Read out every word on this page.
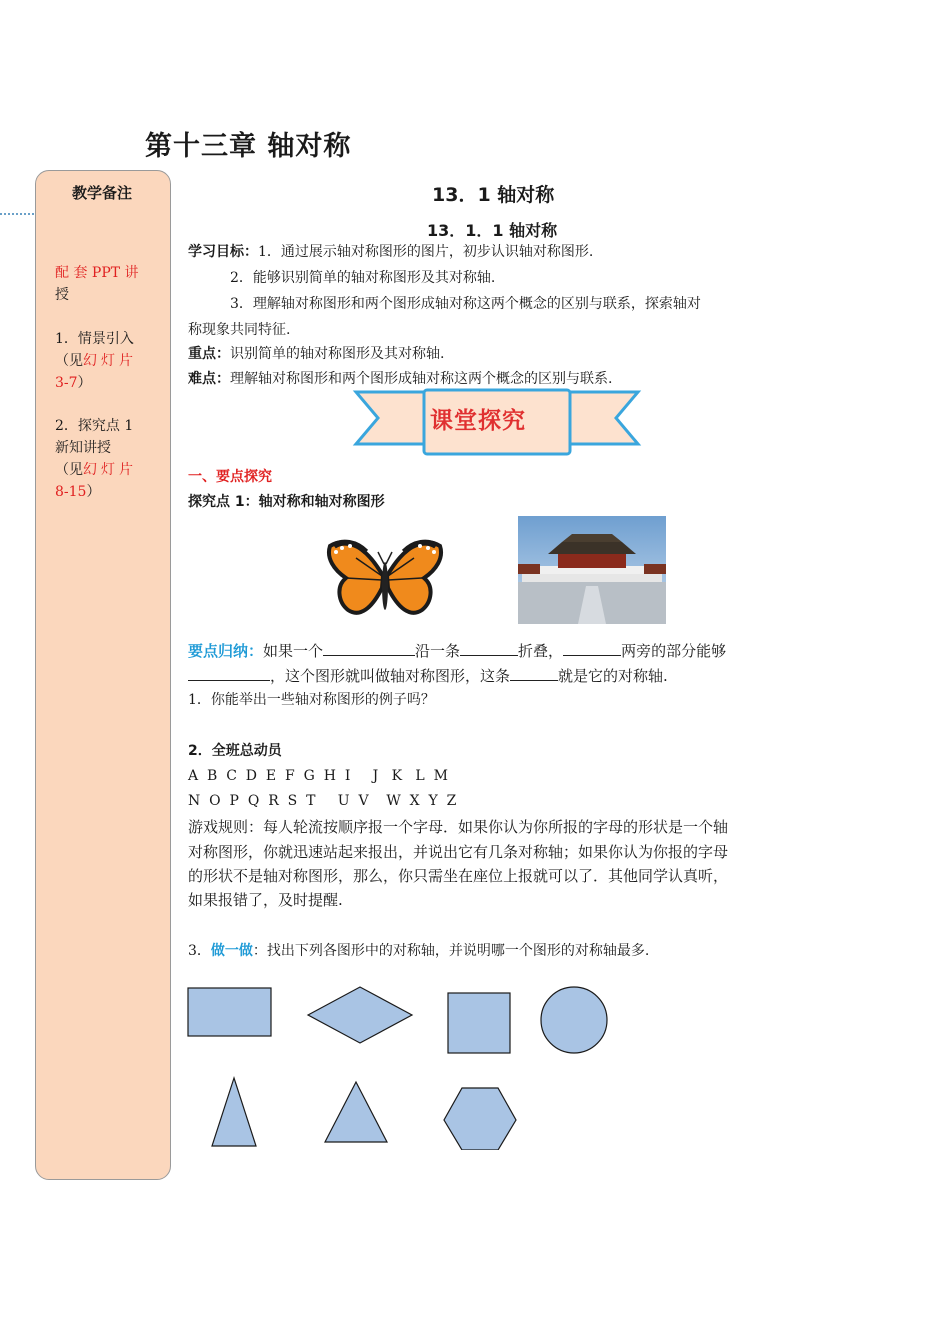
第十三章 轴对称
教学备注
配 套 PPT 讲
授
1．情景引入
（见幻灯片
3-7）
2．探究点 1
新知讲授
（见幻灯片
8-15）
13．1 轴对称
13．1．1 轴对称
学习目标：1．通过展示轴对称图形的图片，初步认识轴对称图形.
2．能够识别简单的轴对称图形及其对称轴.
3．理解轴对称图形和两个图形成轴对称这两个概念的区别与联系，探索轴对
称现象共同特征.
重点：识别简单的轴对称图形及其对称轴.
难点：理解轴对称图形和两个图形成轴对称这两个概念的区别与联系.
课堂探究
一、要点探究
探究点 1：轴对称和轴对称图形
要点归纳：如果一个	沿一条	折叠，	两旁的部分能够
，这个图形就叫做轴对称图形，这条	就是它的对称轴.
1．你能举出一些轴对称图形的例子吗？
2．全班总动员
A  B  C  D  E  F  G  H  I     J   K   L  M
N  O  P  Q  R  S  T     U  V    W  X  Y  Z
游戏规则：每人轮流按顺序报一个字母．如果你认为你所报的字母的形状是一个轴
对称图形，你就迅速站起来报出，并说出它有几条对称轴；如果你认为你报的字母
的形状不是轴对称图形，那么，你只需坐在座位上报就可以了．其他同学认真听，
如果报错了，及时提醒.
3．做一做：找出下列各图形中的对称轴，并说明哪一个图形的对称轴最多.
